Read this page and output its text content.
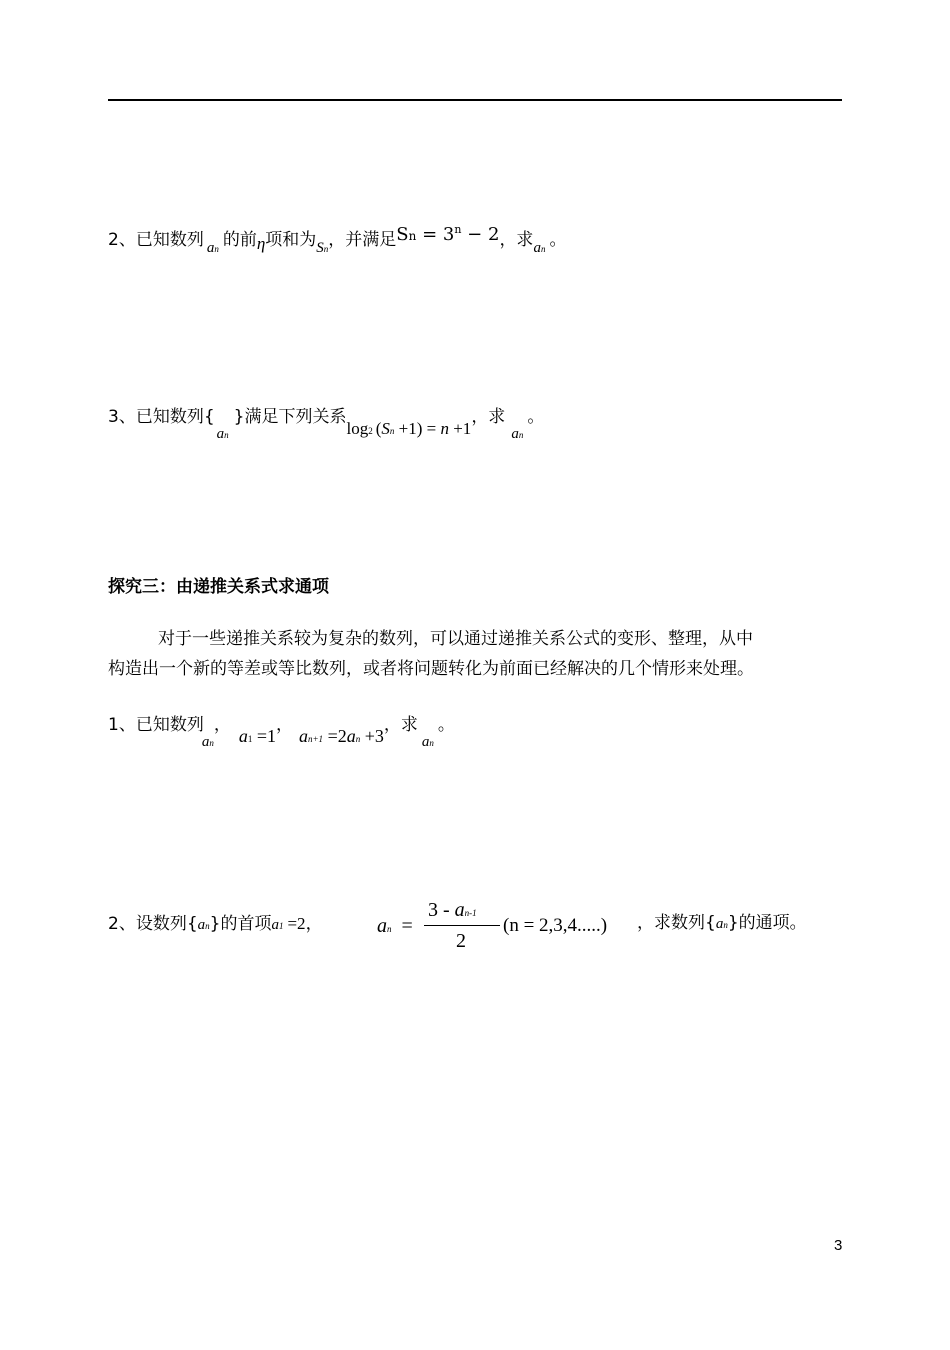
2、已知数列 an 的前η项和为Sn，并满足$Sn = 3^n - 2$，求an 。
3、已知数列{an}满足下列关系log2 (Sn +1) = n +1，求an。
探究三：由递推关系式求通项
对于一些递推关系较为复杂的数列，可以通过递推关系公式的变形、整理，从中
构造出一个新的等差或等比数列，或者将问题转化为前面已经解决的几个情形来处理。
1、已知数列an，a1 =1，an+1 =2an +3，求an。
2、设数列{an}的首项a1 =2，	an =
3 - an-1
2
(n = 2,3,4.....) ，求数列{an}的通项。
3
